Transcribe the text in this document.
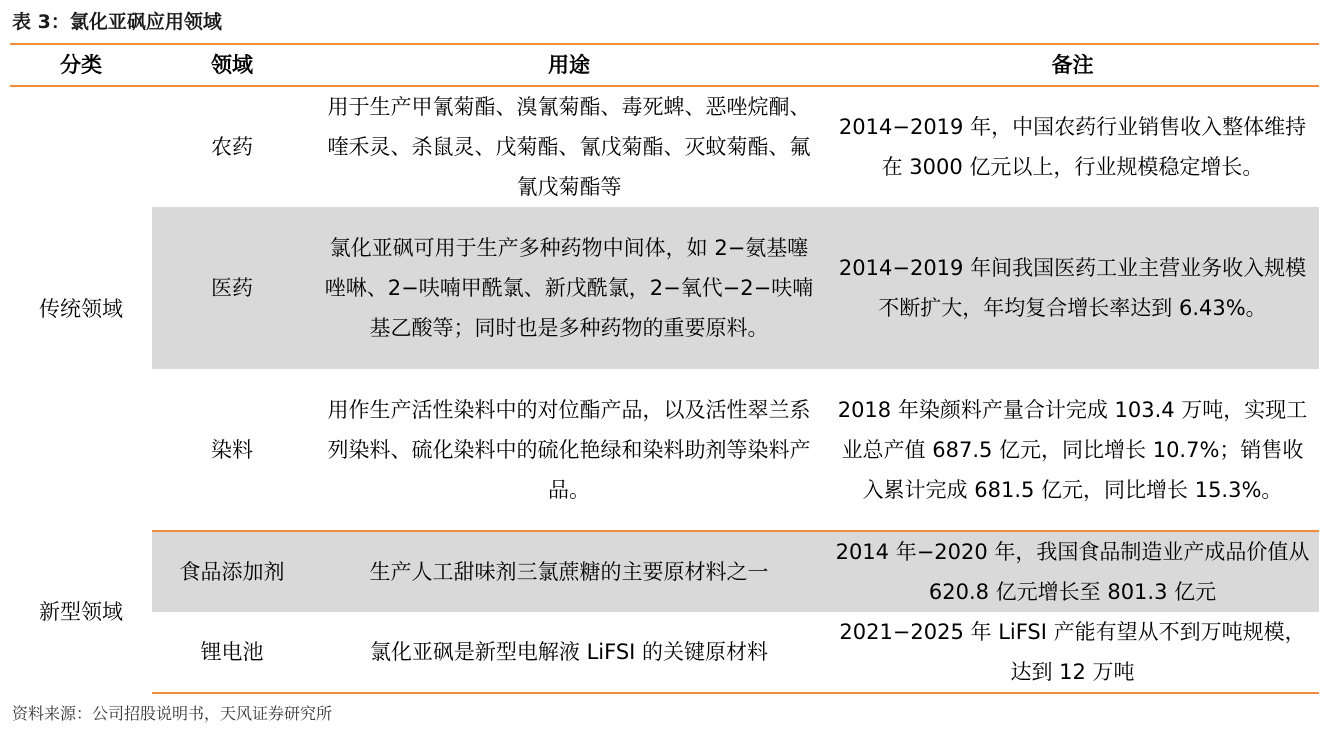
表 3：氯化亚砜应用领域
分类	领域	用途	备注
传统领域	农药	用于生产甲氰菊酯、溴氰菊酯、毒死蜱、恶唑烷酮、喹禾灵、杀鼠灵、戊菊酯、氰戊菊酯、灭蚊菊酯、氟氰戊菊酯等	2014−2019 年，中国农药行业销售收入整体维持在 3000 亿元以上，行业规模稳定增长。
	医药	氯化亚砜可用于生产多种药物中间体，如 2−氨基噻唑啉、2−呋喃甲酰氯、新戊酰氯，2−氧代−2−呋喃基乙酸等；同时也是多种药物的重要原料。	2014−2019 年间我国医药工业主营业务收入规模不断扩大，年均复合增长率达到 6.43%。
	染料	用作生产活性染料中的对位酯产品，以及活性翠兰系列染料、硫化染料中的硫化艳绿和染料助剂等染料产品。	2018 年染颜料产量合计完成 103.4 万吨，实现工业总产值 687.5 亿元，同比增长 10.7%；销售收入累计完成 681.5 亿元，同比增长 15.3%。
新型领域	食品添加剂	生产人工甜味剂三氯蔗糖的主要原材料之一	2014 年−2020 年，我国食品制造业产成品价值从 620.8 亿元增长至 801.3 亿元
	锂电池	氯化亚砜是新型电解液 LiFSI 的关键原材料	2021−2025 年 LiFSI 产能有望从不到万吨规模，达到 12 万吨
资料来源：公司招股说明书，天风证券研究所
